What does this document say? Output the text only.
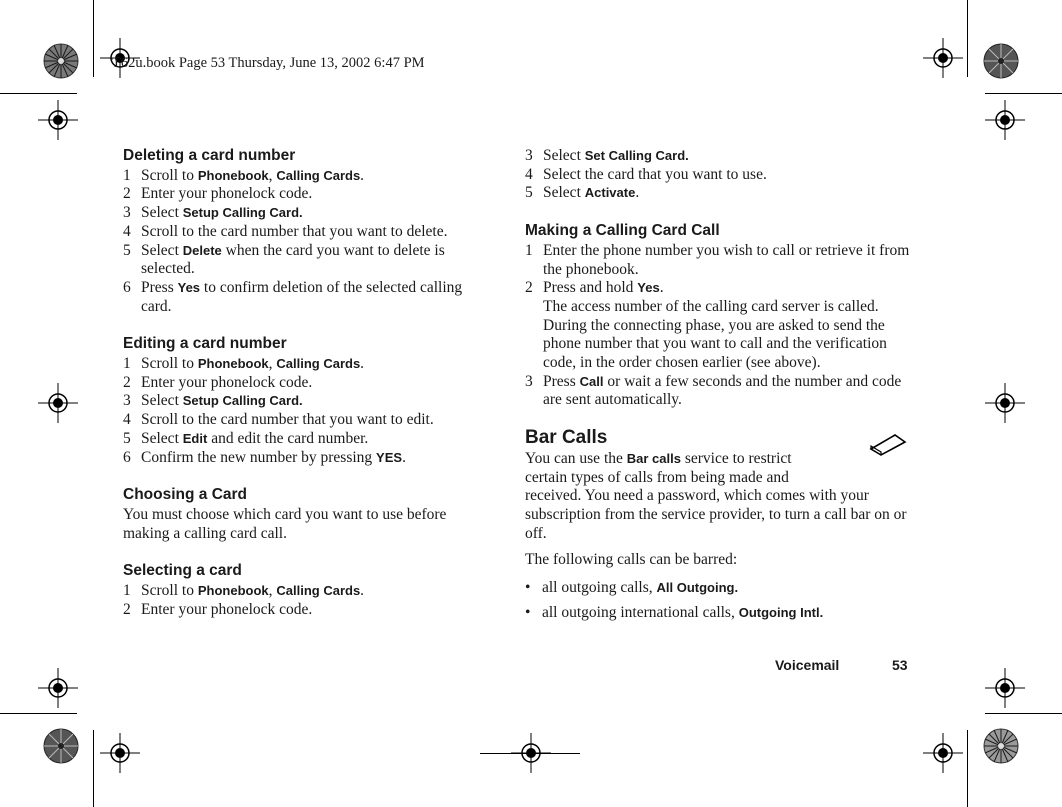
T62u.book Page 53 Thursday, June 13, 2002 6:47 PM
Deleting a card number
1 Scroll to Phonebook, Calling Cards.
2 Enter your phonelock code.
3 Select Setup Calling Card.
4 Scroll to the card number that you want to delete.
5 Select Delete when the card you want to delete is selected.
6 Press Yes to confirm deletion of the selected calling card.
Editing a card number
1 Scroll to Phonebook, Calling Cards.
2 Enter your phonelock code.
3 Select Setup Calling Card.
4 Scroll to the card number that you want to edit.
5 Select Edit and edit the card number.
6 Confirm the new number by pressing YES.
Choosing a Card

You must choose which card you want to use before making a calling card call.

Selecting a card
1 Scroll to Phonebook, Calling Cards.
2 Enter your phonelock code.
3 Select Set Calling Card.
4 Select the card that you want to use.
5 Select Activate.
Making a Calling Card Call
1 Enter the phone number you wish to call or retrieve it from the phonebook.
2 Press and hold Yes.
The access number of the calling card server is called. During the connecting phase, you are asked to send the phone number that you want to call and the verification code, in the order chosen earlier (see above).
3 Press Call or wait a few seconds and the number and code are sent automatically.
Bar Calls

You can use the Bar calls service to restrict
certain types of calls from being made and
received. You need a password, which comes with your subscription from the service provider, to turn a call bar on or off.

The following calls can be barred:

• all outgoing calls, All Outgoing.
• all outgoing international calls, Outgoing Intl.
Voicemail	53
